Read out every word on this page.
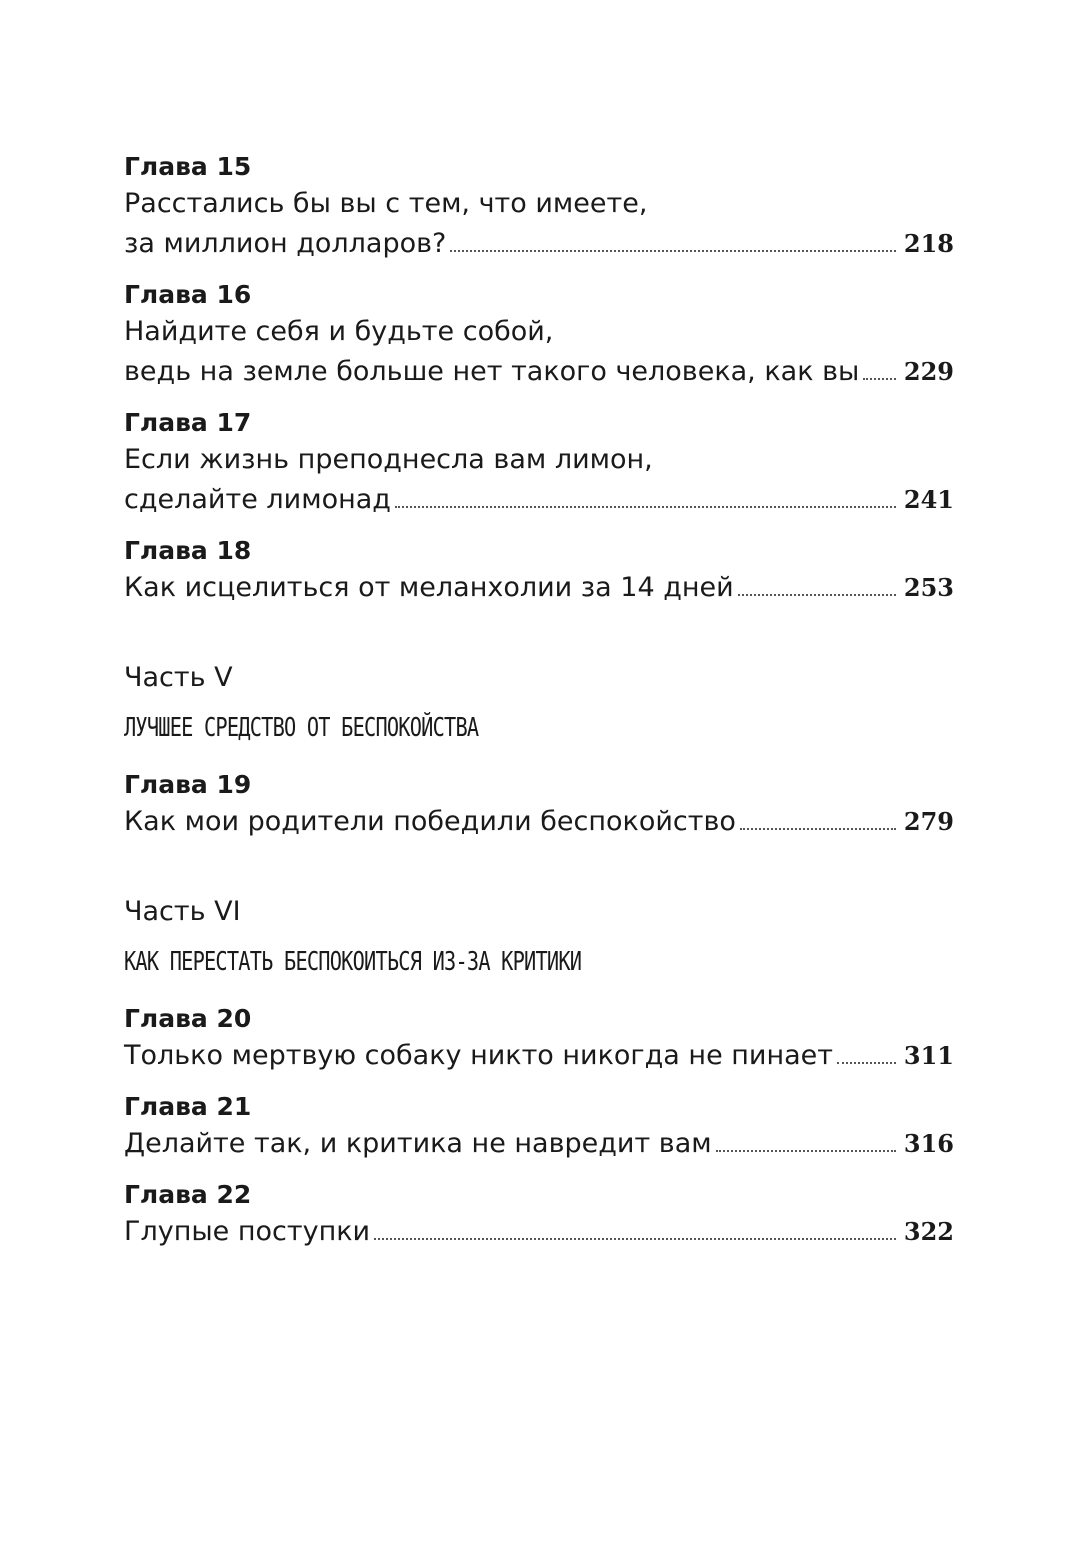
Глава 15
Расстались бы вы с тем, что имеете,
за миллион долларов?	218
Глава 16
Найдите себя и будьте собой,
ведь на земле больше нет такого человека, как вы 229
Глава 17
Если жизнь преподнесла вам лимон,
сделайте лимонад	241
Глава 18
Как исцелиться от меланхолии за 14 дней	253
Часть V
ЛУЧШЕЕ СРЕДСТВО ОТ БЕСПОКОЙСТВА
Глава 19
Как мои родители победили беспокойство	279
Часть VI
КАК ПЕРЕСТАТЬ БЕСПОКОИТЬСЯ ИЗ-ЗА КРИТИКИ
Глава 20
Только мертвую собаку никто никогда не пинает	311
Глава 21
Делайте так, и критика не навредит вам	316
Глава 22
Глупые поступки	322
